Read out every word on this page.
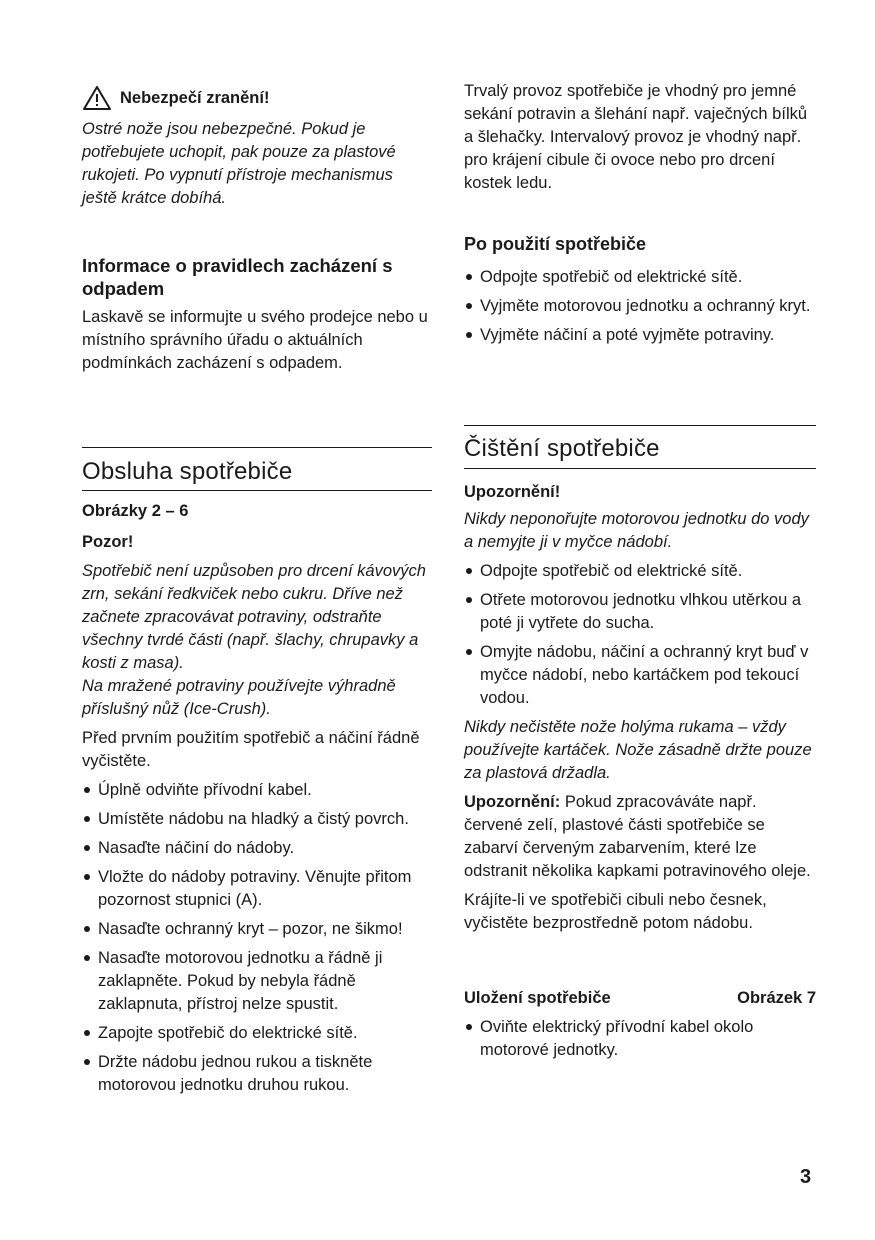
Nebezpečí zranění!

Ostré nože jsou nebezpečné. Pokud je potřebujete uchopit, pak pouze za plastové rukojeti. Po vypnutí přístroje mechanismus ještě krátce dobíhá.

Informace o pravidlech zacházení s odpadem

Laskavě se informujte u svého prodejce nebo u místního správního úřadu o aktuálních podmínkách zacházení s odpadem.

Obsluha spotřebiče
Obrázky 2 – 6
Pozor!

Spotřebič není uzpůsoben pro drcení kávových zrn, sekání ředkviček nebo cukru. Dříve než začnete zpracovávat potraviny, odstraňte všechny tvrdé části (např. šlachy, chrupavky a kosti z masa).

Na mražené potraviny používejte výhradně příslušný nůž (Ice-Crush).

Před prvním použitím spotřebič a náčiní řádně vyčistěte.

Úplně odviňte přívodní kabel.
Umístěte nádobu na hladký a čistý povrch.
Nasaďte náčiní do nádoby.
Vložte do nádoby potraviny. Věnujte přitom pozornost stupnici (A).
Nasaďte ochranný kryt – pozor, ne šikmo!
Nasaďte motorovou jednotku a řádně ji zaklapněte. Pokud by nebyla řádně zaklapnuta, přístroj nelze spustit.
Zapojte spotřebič do elektrické sítě.
Držte nádobu jednou rukou a tiskněte motorovou jednotku druhou rukou.

Trvalý provoz spotřebiče je vhodný pro jemné sekání potravin a šlehání např. vaječných bílků a šlehačky. Intervalový provoz je vhodný např. pro krájení cibule či ovoce nebo pro drcení kostek ledu.

Po použití spotřebiče
Odpojte spotřebič od elektrické sítě.
Vyjměte motorovou jednotku a ochranný kryt.
Vyjměte náčiní a poté vyjměte potraviny.
Čištění spotřebiče
Upozornění!

Nikdy neponořujte motorovou jednotku do vody a nemyjte ji v myčce nádobí.

Odpojte spotřebič od elektrické sítě.
Otřete motorovou jednotku vlhkou utěrkou a poté ji vytřete do sucha.
Omyjte nádobu, náčiní a ochranný kryt buď v myčce nádobí, nebo kartáčkem pod tekoucí vodou.

Nikdy nečistěte nože holýma rukama – vždy používejte kartáček. Nože zásadně držte pouze za plastová držadla.

Upozornění: Pokud zpracováváte např. červené zelí, plastové části spotřebiče se zabarví červeným zabarvením, které lze odstranit několika kapkami potravinového oleje.

Krájíte-li ve spotřebiči cibuli nebo česnek, vyčistěte bezprostředně potom nádobu.

Uložení spotřebiče	Obrázek 7
Oviňte elektrický přívodní kabel okolo motorové jednotky.
3
